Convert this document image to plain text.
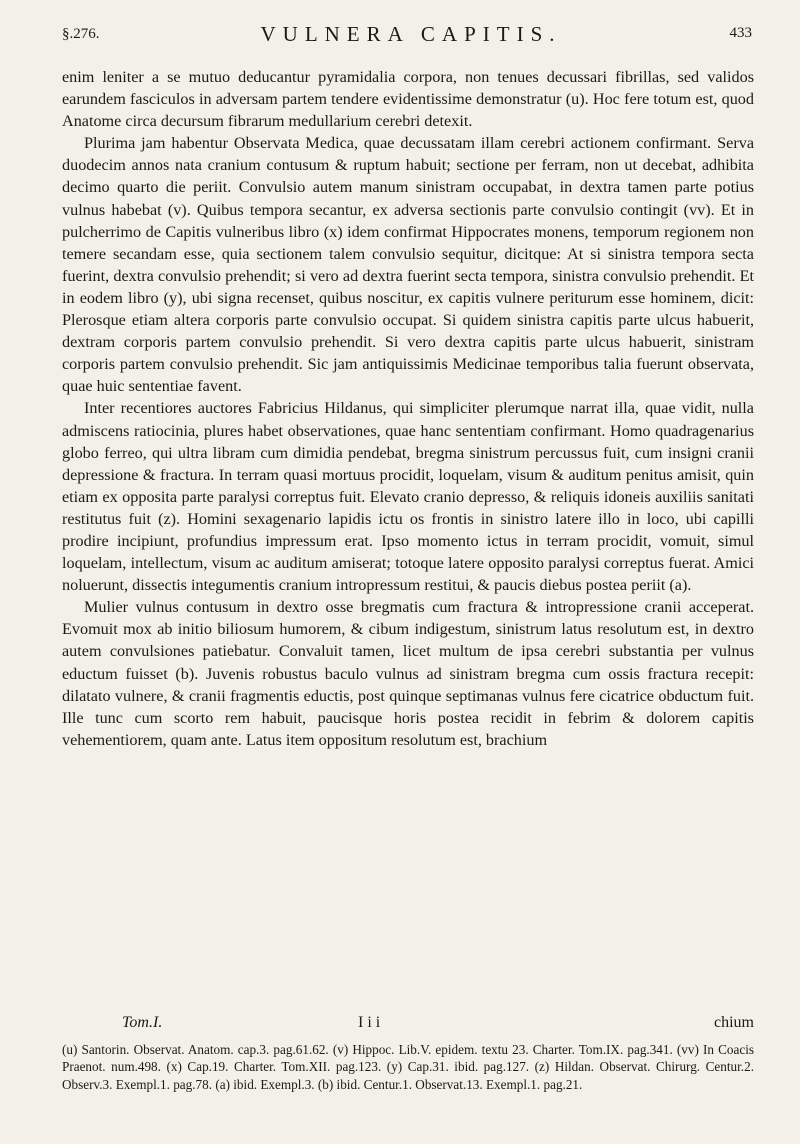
§.276.	VULNERA CAPITIS.	433

enim leniter a se mutuo deducantur pyramidalia corpora, non tenues decussari fibrillas, sed validos earundem fasciculos in adversam partem tendere evidentissime demonstratur (u). Hoc fere totum est, quod Anatome circa decursum fibrarum medullarium cerebri detexit.

Plurima jam habentur Observata Medica, quae decussatam illam cerebri actionem confirmant. Serva duodecim annos nata cranium contusum & ruptum habuit; sectione per ferram, non ut decebat, adhibita decimo quarto die periit. Convulsio autem manum sinistram occupabat, in dextra tamen parte potius vulnus habebat (v). Quibus tempora secantur, ex adversa sectionis parte convulsio contingit (vv). Et in pulcherrimo de Capitis vulneribus libro (x) idem confirmat Hippocrates monens, temporum regionem non temere secandam esse, quia sectionem talem convulsio sequitur, dicitque: At si sinistra tempora secta fuerint, dextra convulsio prehendit; si vero ad dextra fuerint secta tempora, sinistra convulsio prehendit. Et in eodem libro (y), ubi signa recenset, quibus noscitur, ex capitis vulnere periturum esse hominem, dicit: Plerosque etiam altera corporis parte convulsio occupat. Si quidem sinistra capitis parte ulcus habuerit, dextram corporis partem convulsio prehendit. Si vero dextra capitis parte ulcus habuerit, sinistram corporis partem convulsio prehendit. Sic jam antiquissimis Medicinae temporibus talia fuerunt observata, quae huic sententiae favent.

Inter recentiores auctores Fabricius Hildanus, qui simpliciter plerumque narrat illa, quae vidit, nulla admiscens ratiocinia, plures habet observationes, quae hanc sententiam confirmant. Homo quadragenarius globo ferreo, qui ultra libram cum dimidia pendebat, bregma sinistrum percussus fuit, cum insigni cranii depressione & fractura. In terram quasi mortuus procidit, loquelam, visum & auditum penitus amisit, quin etiam ex opposita parte paralysi correptus fuit. Elevato cranio depresso, & reliquis idoneis auxiliis sanitati restitutus fuit (z). Homini sexagenario lapidis ictu os frontis in sinistro latere illo in loco, ubi capilli prodire incipiunt, profundius impressum erat. Ipso momento ictus in terram procidit, vomuit, simul loquelam, intellectum, visum ac auditum amiserat; totoque latere opposito paralysi correptus fuerat. Amici noluerunt, dissectis integumentis cranium intropressum restitui, & paucis diebus postea periit (a).

Mulier vulnus contusum in dextro osse bregmatis cum fractura & intropressione cranii acceperat. Evomuit mox ab initio biliosum humorem, & cibum indigestum, sinistrum latus resolutum est, in dextro autem convulsiones patiebatur. Convaluit tamen, licet multum de ipsa cerebri substantia per vulnus eductum fuisset (b). Juvenis robustus baculo vulnus ad sinistram bregma cum ossis fractura recepit: dilatato vulnere, & cranii fragmentis eductis, post quinque septimanas vulnus fere cicatrice obductum fuit. Ille tunc cum scorto rem habuit, paucisque horis postea recidit in febrim & dolorem capitis vehementiorem, quam ante. Latus item oppositum resolutum est, brachium

Tom.I.	I i i	chium
(u) Santorin. Observat. Anatom. cap.3. pag.61.62. (v) Hippoc. Lib.V. epidem. textu 23. Charter. Tom.IX. pag.341. (vv) In Coacis Praenot. num.498. (x) Cap.19. Charter. Tom.XII. pag.123. (y) Cap.31. ibid. pag.127. (z) Hildan. Observat. Chirurg. Centur.2. Observ.3. Exempl.1. pag.78. (a) ibid. Exempl.3. (b) ibid. Centur.1. Observat.13. Exempl.1. pag.21.
